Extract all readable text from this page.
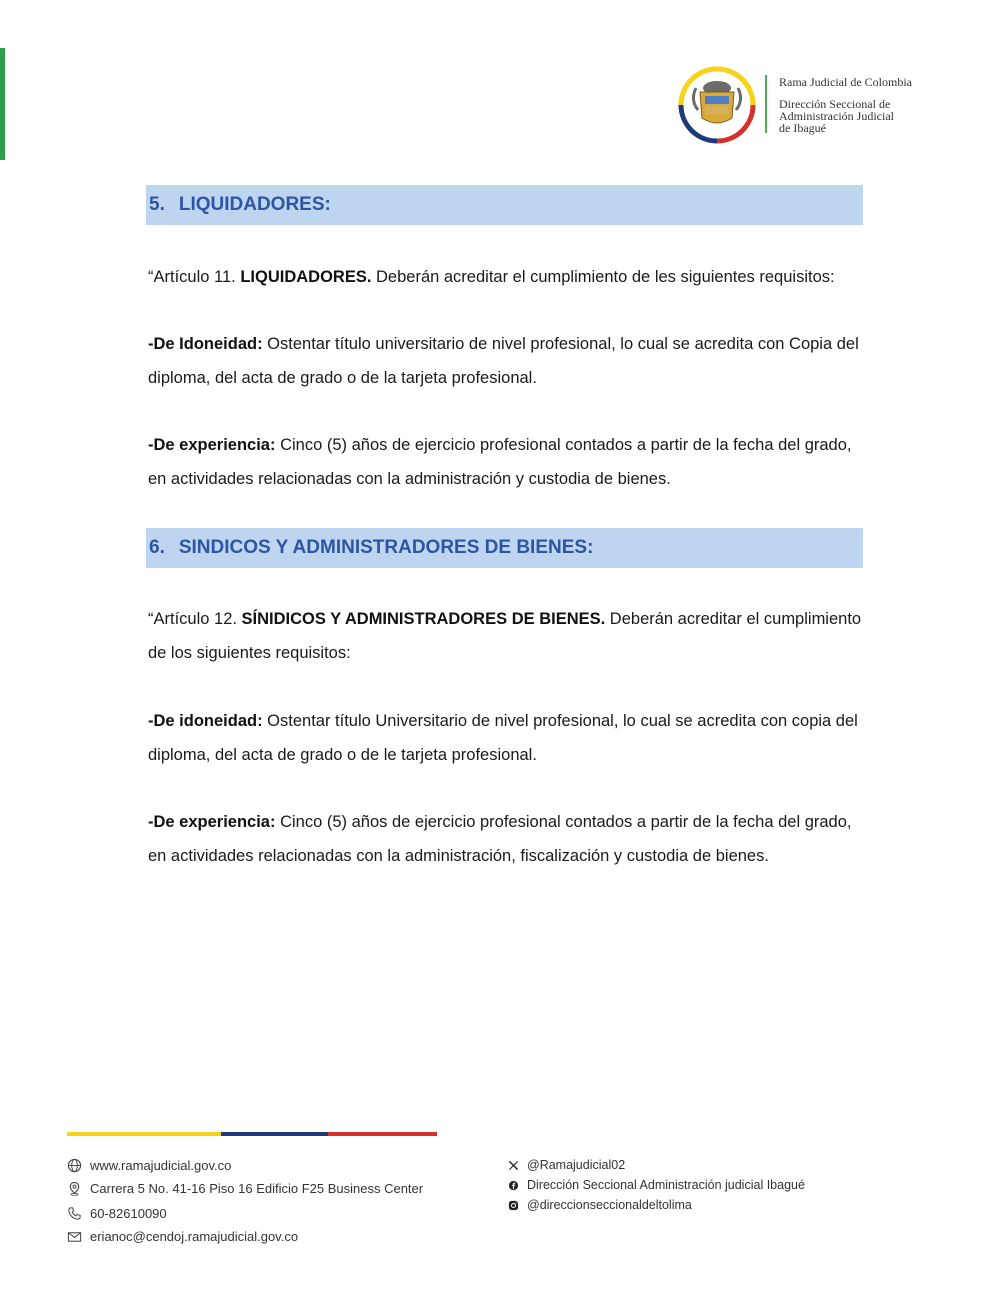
Rama Judicial de Colombia
Dirección Seccional de
Administración Judicial
de Ibagué
5. LIQUIDADORES:

“Artículo 11. LIQUIDADORES. Deberán acreditar el cumplimiento de les siguientes requisitos:

-De Idoneidad: Ostentar título universitario de nivel profesional, lo cual se acredita con Copia del diploma, del acta de grado o de la tarjeta profesional.

-De experiencia: Cinco (5) años de ejercicio profesional contados a partir de la fecha del grado, en actividades relacionadas con la administración y custodia de bienes.

6. SINDICOS Y ADMINISTRADORES DE BIENES:

“Artículo 12. SÍNIDICOS Y ADMINISTRADORES DE BIENES. Deberán acreditar el cumplimiento de los siguientes requisitos:

-De idoneidad: Ostentar título Universitario de nivel profesional, lo cual se acredita con copia del diploma, del acta de grado o de le tarjeta profesional.

-De experiencia: Cinco (5) años de ejercicio profesional contados a partir de la fecha del grado, en actividades relacionadas con la administración, fiscalización y custodia de bienes.

www.ramajudicial.gov.co
Carrera 5 No. 41-16 Piso 16 Edificio F25 Business Center
60-82610090
erianoc@cendoj.ramajudicial.gov.co
@Ramajudicial02
Dirección Seccional Administración judicial Ibagué
@direccionseccionaldeltolima
